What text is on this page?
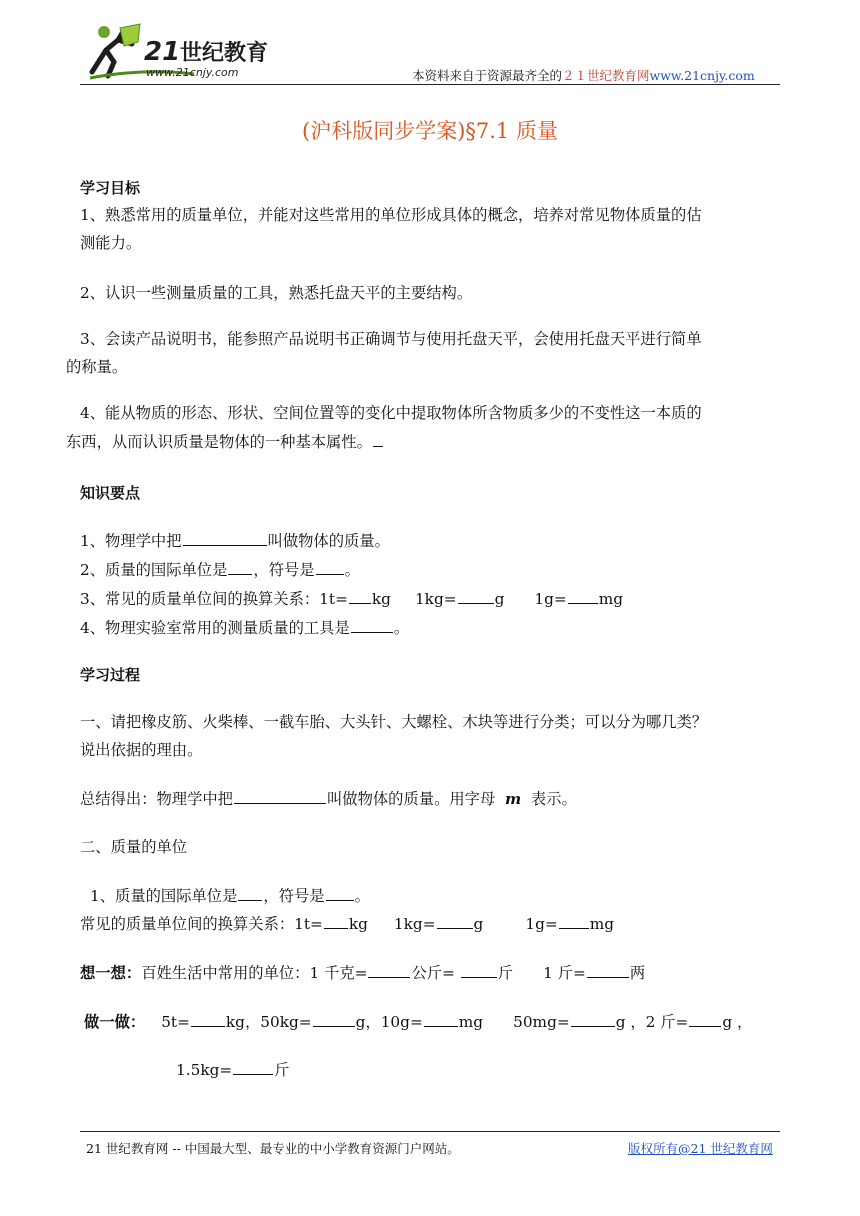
21 世纪教育
www.21cnjy.com	本资料来自于资源最齐全的２１世纪教育网www.21cnjy.com
(沪科版同步学案)§7.1 质量
学习目标
1、熟悉常用的质量单位，并能对这些常用的单位形成具体的概念，培养对常见物体质量的估
测能力。
2、认识一些测量质量的工具，熟悉托盘天平的主要结构。
3、会读产品说明书，能参照产品说明书正确调节与使用托盘天平，会使用托盘天平进行简单
的称量。
4、能从物质的形态、形状、空间位置等的变化中提取物体所含物质多少的不变性这一本质的
东西，从而认识质量是物体的一种基本属性。
知识要点
1、物理学中把	叫做物体的质量。
2、质量的国际单位是 ，符号是 。
3、常见的质量单位间的换算关系：1t= kg 1kg= g 1g= mg
4、物理实验室常用的测量质量的工具是	。
学习过程
一、请把橡皮筋、火柴棒、一截车胎、大头针、大螺栓、木块等进行分类；可以分为哪几类？
说出依据的理由。
总结得出：物理学中把	叫做物体的质量。用字母 m 表示。
二、质量的单位
1、质量的国际单位是 ，符号是 。
常见的质量单位间的换算关系：1t= kg 1kg= g	1g= mg
想一想：百姓生活中常用的单位：1 千克=	公斤=	斤 1 斤=	两
做一做： 5t= kg，50kg=	g，10g= mg 50mg=	g ，2 斤= g ，
1.5kg=	斤
21 世纪教育网 -- 中国最大型、最专业的中小学教育资源门户网站。	版权所有@21 世纪教育网
